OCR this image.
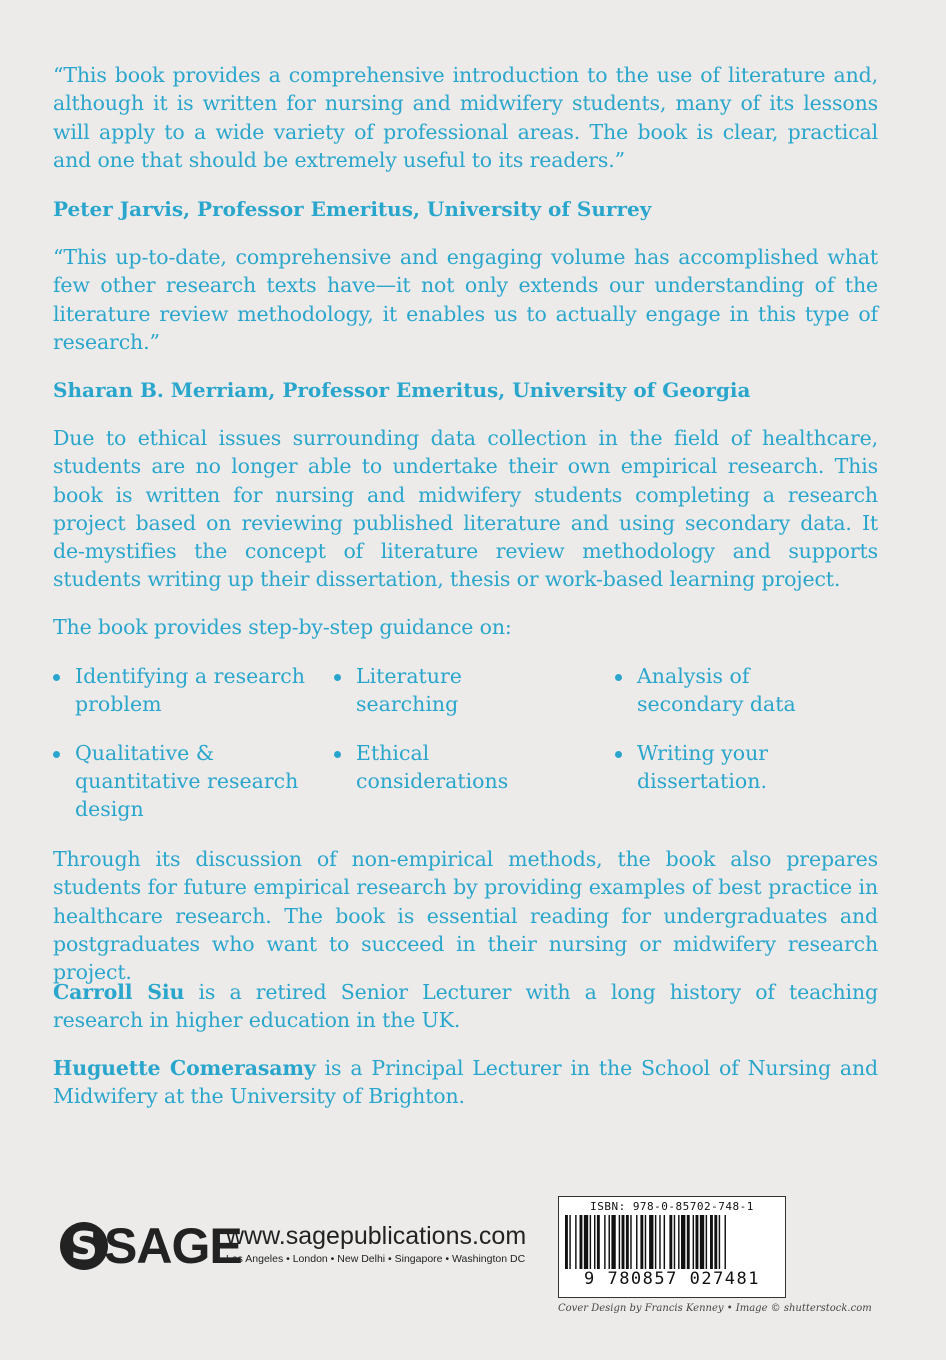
“This book provides a comprehensive introduction to the use of literature and, although it is written for nursing and midwifery students, many of its lessons will apply to a wide variety of professional areas. The book is clear, practical and one that should be extremely useful to its readers.”

Peter Jarvis, Professor Emeritus, University of Surrey

“This up-to-date, comprehensive and engaging volume has accomplished what few other research texts have—it not only extends our understanding of the literature review methodology, it enables us to actually engage in this type of research.”

Sharan B. Merriam, Professor Emeritus, University of Georgia

Due to ethical issues surrounding data collection in the field of healthcare, students are no longer able to undertake their own empirical research. This book is written for nursing and midwifery students completing a research project based on reviewing published literature and using secondary data. It de-mystifies the concept of literature review methodology and supports students writing up their dissertation, thesis or work-based learning project.

The book provides step-by-step guidance on:

Identifying a research problem
Literature searching
Analysis of secondary data
Qualitative & quantitative research design
Ethical considerations
Writing your dissertation.

Through its discussion of non-empirical methods, the book also prepares students for future empirical research by providing examples of best practice in healthcare research. The book is essential reading for undergraduates and postgraduates who want to succeed in their nursing or midwifery research project.

Carroll Siu is a retired Senior Lecturer with a long history of teaching research in higher education in the UK.

Huguette Comerasamy is a Principal Lecturer in the School of Nursing and Midwifery at the University of Brighton.

S SAGE
www.sagepublications.com
Los Angeles • London • New Delhi • Singapore • Washington DC
ISBN: 978-0-85702-748-1
9 780857 027481
Cover Design by Francis Kenney • Image © shutterstock.com
